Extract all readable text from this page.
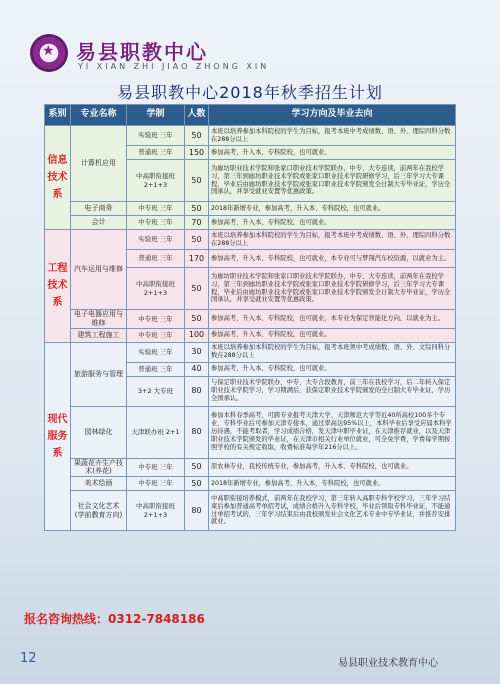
★
易县职教中心
YI XIAN ZHI JIAO ZHONG XIN
易县职教中心2018年秋季招生计划
系别	专业名称	学制	人数	学习方向及毕业去向
信息技术系	计算机应用	实验班 三年	50	本班以培养参加本科院校的学生为目标，报考本班中考成绩数、语、外、理综四科分数在288分以上
		普通班 三年	150	参加高考，升入本、专科院校，也可就业。
		中高职衔接班 2+1+3	50	为廊坊职业技术学院和张家口职业技术学院联办，中专、大专连读，前两年在我校学习，第三年到廊坊职业技术学院或张家口职业技术学院研修学习，后三年学习大专课程，毕业后由廊坊职业技术学院或张家口职业技术学院颁发全日制大专毕业证，学历全国承认，并享受就业安置等优惠政策。
	电子商务	中专班 三年	50	2018年新增专业，参加高考，升入本、专科院校，也可就业。
	会计	中专班 三年	70	参加高考，升入本、专科院校，也可就业。
工程技术系	汽车运用与维修	实验班 三年	50	本班以培养参加本科院校的学生为目标，报考本班中考成绩数、语、外、理综四科分数在288分以上
		普通班 三年	170	参加高考，升入本、专科院校，也可就业，本专业可与梦翔汽车校资源，以就业为主。
		中高职衔接班 2+1+3	50	为廊坊职业技术学院和张家口职业技术学院联办，中专、大专连读，前两年在我校学习，第三年到廊坊职业技术学院或张家口职业技术学院研修学习，后三年学习大专课程，毕业后由廊坊职业技术学院或张家口职业技术学院颁发全日制大专毕业证，学历全国承认，并享受就业安置等优惠政策。
	电子电器应用与维修	中专班 三年	50	参加高考，升入本、专科院校，也可就业，本专业为保定智能化方向，以就业为主。
	建筑工程施工	中专班 三年	100	参加高考，升入本、专科院校，也可就业。
现代服务系	旅游服务与管理	实验班 三年	30	本班以培养参加本科院校的学生为目标，报考本班须中考成绩数、语、外、文综四科分数在288分以上
		普通班 三年	40	参加高考，升入本、专科院校，也可就业。
		3+2 大专班	80	与保定职业技术学院联办，中专、大专合段教育，前三年在我校学习，后二年转入保定职业技术学院学习，学习期满后，获保定职业技术学院颁发的全日制大专毕业证，学历全国承认。
	园林绿化	天津联办班 2+1	80	参加本科春季高考，可跨专业报考天津大学、天津师范大学等近40所高校100多个专业，专科毕业后可参加天津专接本，通过率高达95%以上，本科毕业后享受应届本科学历待遇，不能考取者，学习成绩合格，发天津中职毕业证，在天津推荐就业，以及天津职业技术学院颁发的毕业证，在天津市相关行业单位就业，可全免学费，学费每学期按照学校的有关规定收取，收费标准每学年216分以上。
	果蔬花卉生产技术(养花)	中专班 三年	50	原农林专业，我校传统专业，参加高考，升入本、专科院校，也可就业。
	美术绘画	中专班 三年	50	2018年新增专业，参加高考，升入本、专科院校，也可就业。
	社会文化艺术(学前教育方向)	中高职衔接班 2+1+3	80	中高职衔接培养模式，前两年在我校学习，第三年转入高职专科学校学习，三年学习结束后参加普通高考单招考试，成绩合格升入专科学校，毕业后领取专科毕业证，不能通过单招考试的，三年学习结束后由我校颁发社会文化艺术专业中专毕业证，并推荐安排就业。
报名咨询热线：0312-7848186
12	易县职业技术教育中心
